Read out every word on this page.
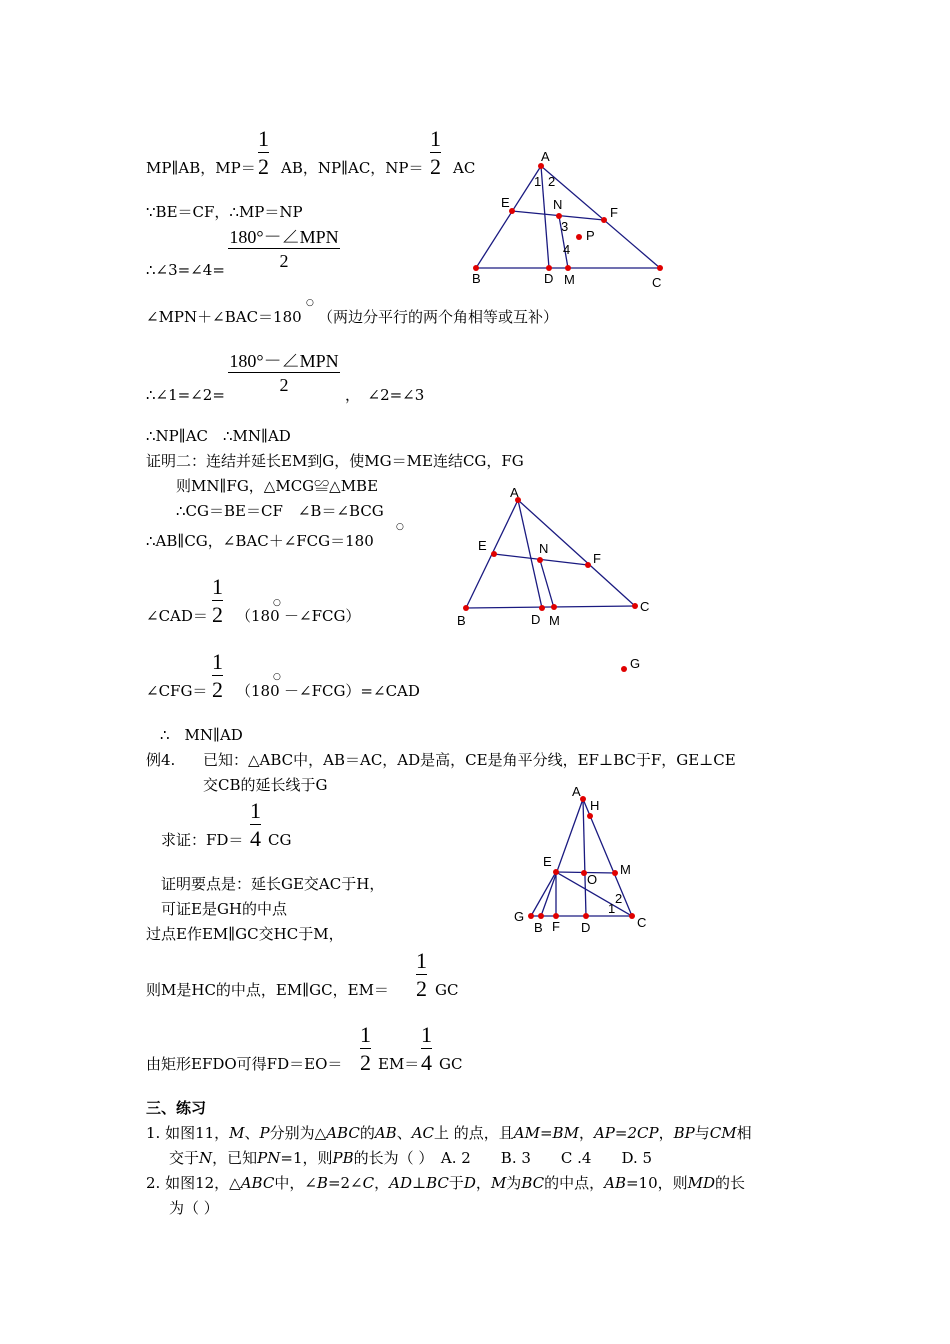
1
2
1
2
MP∥AB，MP＝ AB，NP∥AC，NP＝ AC
∵BE＝CF，∴MP＝NP
180°－∠MPN
2
∴∠3=∠4=
∠MPN＋∠BAC＝180
○
（两边分平行的两个角相等或互补）
180°－∠MPN
2
∴∠1=∠2=	，　∠2=∠3
∴NP∥AC　∴MN∥AD
证明二：连结并延长EM到G，使MG＝ME连结CG，FG
则MN∥FG，△MCG≌△MBE
∴CG＝BE＝CF　∠B＝∠BCG
∴AB∥CG，∠BAC＋∠FCG＝180
○
1
2
∠CAD＝ （180
○
－∠FCG）
1
2
∠CFG＝ （180
○
－∠FCG）=∠CAD
∴　MN∥AD
例4. 已知：△ABC中，AB＝AC，AD是高，CE是角平分线，EF⊥BC于F，GE⊥CE
交CB的延长线于G
1
4
求证：FD＝ CG
证明要点是：延长GE交AC于H，
可证E是GH的中点
过点E作EM∥GC交HC于M，
1
2
则M是HC的中点，EM∥GC，EM＝	GC
1
2
1
4
由矩形EFDO可得FD＝EO＝ EM＝ GC
三、练习
1. 如图11，M、P分别为△ABC的AB、AC上 的点，且AM=BM，AP=2CP，BP与CM相
交于N，已知PN=1，则PB的长为（ ）　A. 2　　B. 3　　C .4　　D. 5
2. 如图12，△ABC中，∠B=2∠C，AD⊥BC于D，M为BC的中点，AB=10，则MD的长
为（ ）
A
B	C
D M
E
F
N
P
1 2
3
4
A
B
C
D M
E
F
N
G
A
H
B	C
D
F
G
E
O
M
1
2
